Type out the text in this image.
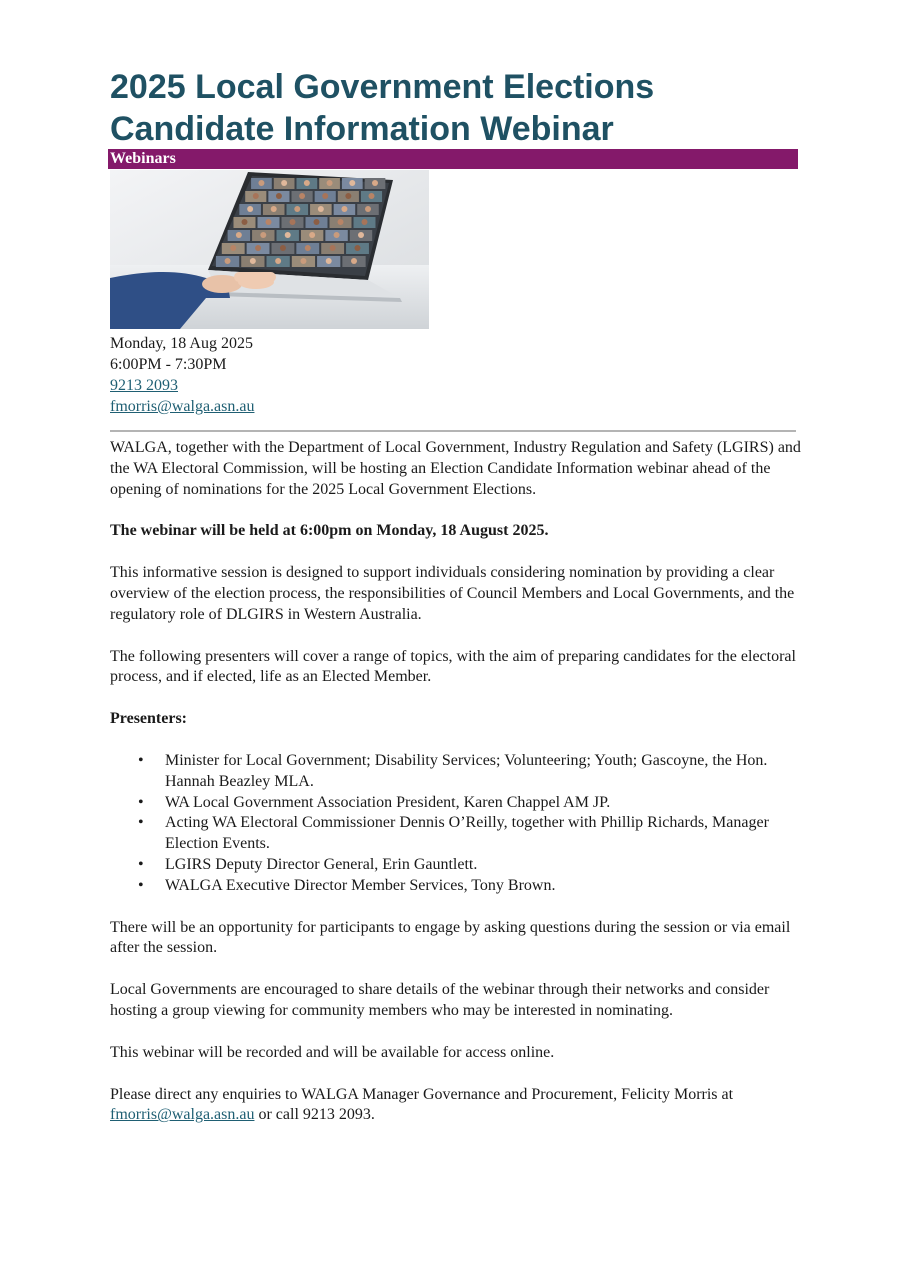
2025 Local Government Elections
Candidate Information Webinar
Webinars
Monday, 18 Aug 2025
6:00PM - 7:30PM
9213 2093
fmorris@walga.asn.au

WALGA, together with the Department of Local Government, Industry Regulation and Safety (LGIRS) and the WA Electoral Commission, will be hosting an Election Candidate Information webinar ahead of the opening of nominations for the 2025 Local Government Elections.

The webinar will be held at 6:00pm on Monday, 18 August 2025.

This informative session is designed to support individuals considering nomination by providing a clear overview of the election process, the responsibilities of Council Members and Local Governments, and the regulatory role of DLGIRS in Western Australia.

The following presenters will cover a range of topics, with the aim of preparing candidates for the electoral process, and if elected, life as an Elected Member.

Presenters:

• Minister for Local Government; Disability Services; Volunteering; Youth; Gascoyne, the Hon. Hannah Beazley MLA.
• WA Local Government Association President, Karen Chappel AM JP.
• Acting WA Electoral Commissioner Dennis O’Reilly, together with Phillip Richards, Manager Election Events.
• LGIRS Deputy Director General, Erin Gauntlett.
• WALGA Executive Director Member Services, Tony Brown.

There will be an opportunity for participants to engage by asking questions during the session or via email after the session.

Local Governments are encouraged to share details of the webinar through their networks and consider hosting a group viewing for community members who may be interested in nominating.

This webinar will be recorded and will be available for access online.

Please direct any enquiries to WALGA Manager Governance and Procurement, Felicity Morris at fmorris@walga.asn.au or call 9213 2093.
